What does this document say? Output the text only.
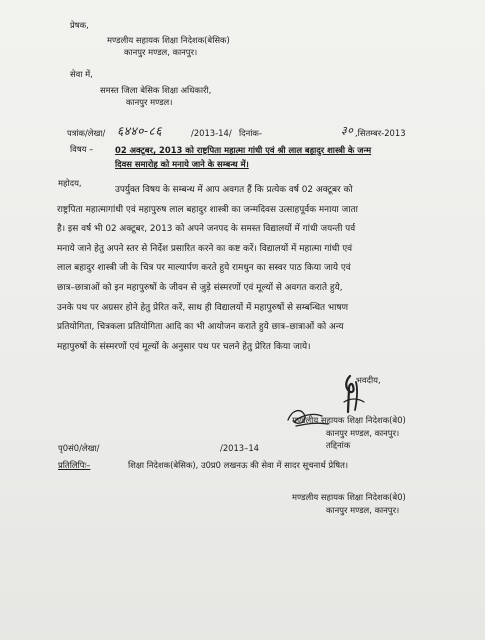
प्रेषक,
मण्डलीय सहायक शिक्षा निदेशक(बेसिक)
कानपुर मण्डल, कानपुर।
सेवा में,
समस्त जिला बेसिक शिक्षा अधिकारी,
कानपुर मण्डल।
पत्रांक/लेखा/ ६४४०-८६	/2013-14/ दिनांक-	३० ,सितम्बर-2013
विषय –	02 अक्टूबर, 2013 को राष्ट्रपिता महात्मा गांधी एवं श्री लाल बहादुर शास्त्री के जन्म
दिवस समारोह को मनाये जाने के सम्बन्ध में।
महोदय,
उपर्युक्त विषय के सम्बन्ध में आप अवगत हैं कि प्रत्येक वर्ष 02 अक्टूबर को
राष्ट्रपिता महात्मागांधी एवं महापुरुष लाल बहादुर शास्त्री का जन्मदिवस उत्साहपूर्वक मनाया जाता
है। इस वर्ष भी 02 अक्टूबर, 2013 को अपने जनपद के समस्त विद्यालयों में गांधी जयन्ती पर्व
मनाये जाने हेतु अपने स्तर से निर्देश प्रसारित करने का कष्ट करें। विद्यालयों में महात्मा गांधी एवं
लाल बहादुर शास्त्री जी के चित्र पर माल्यार्पण करते हुये रामधुन का सस्वर पाठ किया जाये एवं
छात्र–छात्राओं को इन महापुरुषों के जीवन से जुड़े संस्मरणों एवं मूल्यों से अवगत कराते हुये,
उनके पथ पर अग्रसर होने हेतु प्रेरित करें, साथ ही विद्यालयों में महापुरुषों से सम्बन्धित भाषण
प्रतियोगिता, चित्रकला प्रतियोगिता आदि का भी आयोजन कराते हुये छात्र–छात्राओं को अन्य
महापुरुषों के संस्मरणों एवं मूल्यों के अनुसार पथ पर चलने हेतु प्रेरित किया जाये।
भवदीय,
मण्डलीय सहायक शिक्षा निदेशक(बे0)
कानपुर मण्डल, कानपुर।
तद्दिनांक
पृ0सं0/लेखा/	/2013–14
प्रतिलिपिः–	शिक्षा निदेशक(बेसिक), उ0प्र0 लखनऊ की सेवा में सादर सूचनार्थ प्रेषित।
मण्डलीय सहायक शिक्षा निदेशक(बे0)
कानपुर मण्डल, कानपुर।
